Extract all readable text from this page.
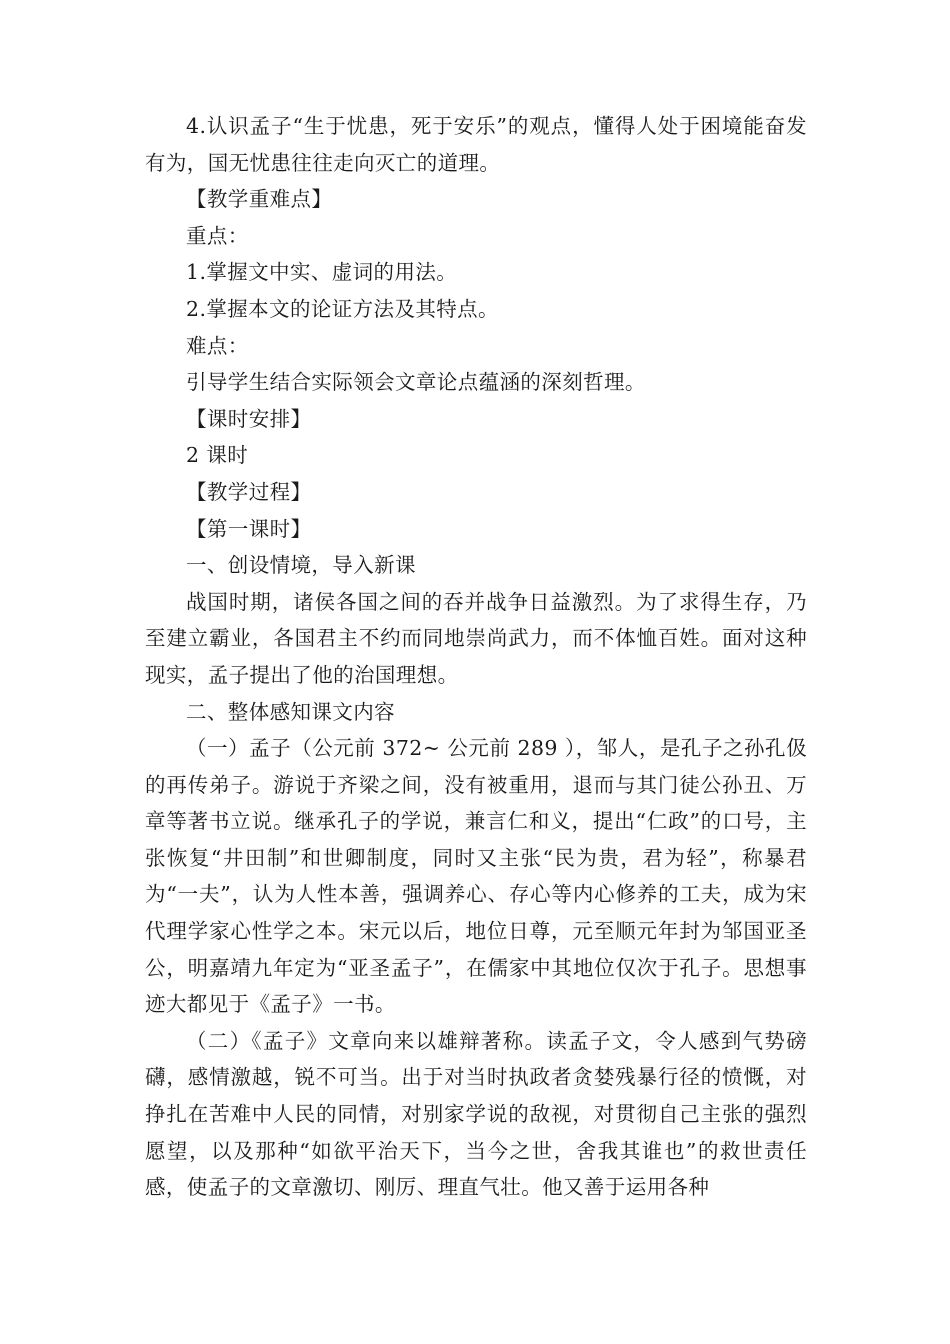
4.认识孟子“生于忧患，死于安乐”的观点，懂得人处于困境能奋发有为，国无忧患往往走向灭亡的道理。

【教学重难点】

重点：

1.掌握文中实、虚词的用法。

2.掌握本文的论证方法及其特点。

难点：

引导学生结合实际领会文章论点蕴涵的深刻哲理。

【课时安排】

2 课时

【教学过程】

【第一课时】

一、创设情境，导入新课

战国时期，诸侯各国之间的吞并战争日益激烈。为了求得生存，乃至建立霸业，各国君主不约而同地崇尚武力，而不体恤百姓。面对这种现实，孟子提出了他的治国理想。

二、整体感知课文内容

（一）孟子（公元前 372~ 公元前 289 ），邹人，是孔子之孙孔伋的再传弟子。游说于齐梁之间，没有被重用，退而与其门徒公孙丑、万章等著书立说。继承孔子的学说，兼言仁和义，提出“仁政”的口号，主张恢复“井田制”和世卿制度，同时又主张“民为贵，君为轻”，称暴君为“一夫”，认为人性本善，强调养心、存心等内心修养的工夫，成为宋代理学家心性学之本。宋元以后，地位日尊，元至顺元年封为邹国亚圣公，明嘉靖九年定为“亚圣孟子”，在儒家中其地位仅次于孔子。思想事迹大都见于《孟子》一书。

（二）《孟子》文章向来以雄辩著称。读孟子文，令人感到气势磅礴，感情激越，锐不可当。出于对当时执政者贪婪残暴行径的愤慨，对挣扎在苦难中人民的同情，对别家学说的敌视，对贯彻自己主张的强烈愿望，以及那种“如欲平治天下，当今之世，舍我其谁也”的救世责任感，使孟子的文章激切、刚厉、理直气壮。他又善于运用各种
